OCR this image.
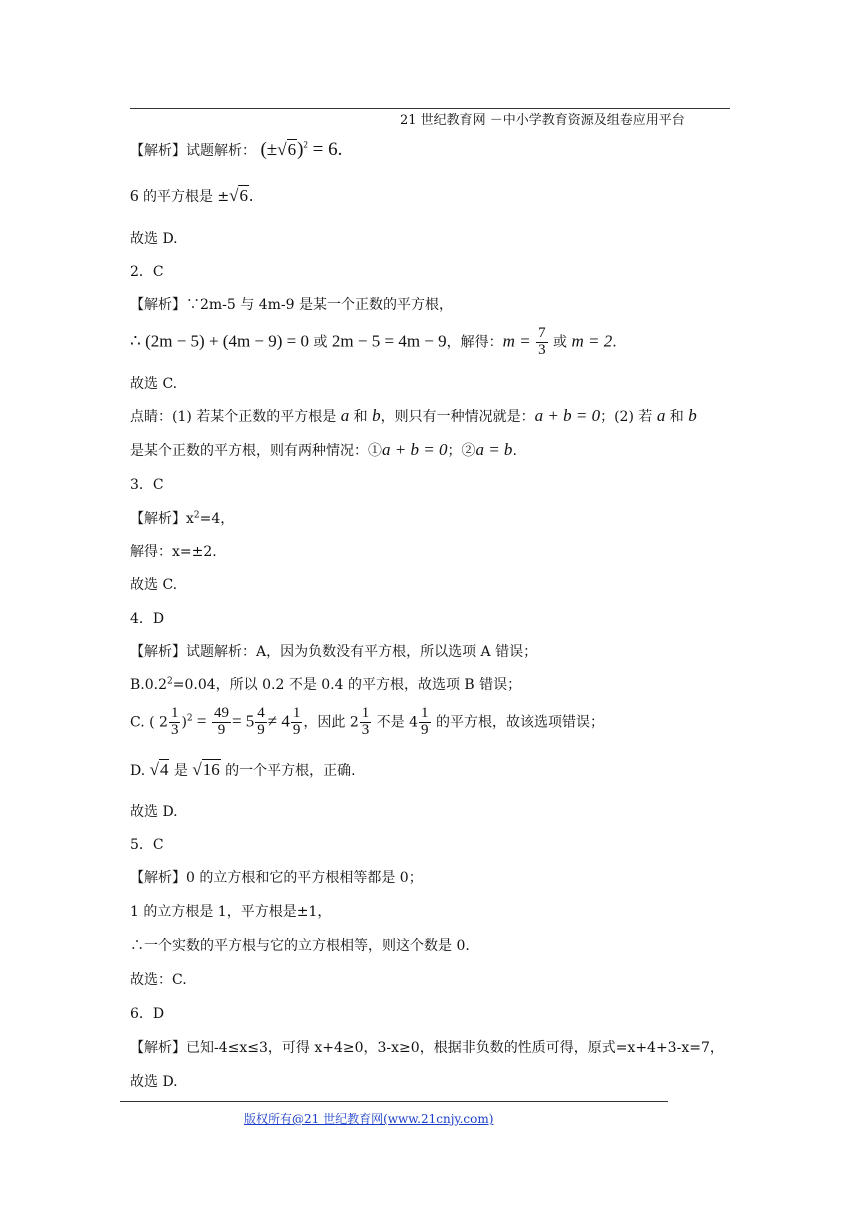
21 世纪教育网 －中小学教育资源及组卷应用平台
【解析】试题解析： $(\pm√6)^2 = 6$.
6 的平方根是 ±√6.
故选 D.
2．C
【解析】∵2m-5 与 4m-9 是某一个正数的平方根，
∴ (2m − 5) + (4m − 9) = 0 或 2m − 5 = 4m − 9，解得：$m = \frac{7}{3}$ 或 m = 2.
故选 C.
点睛：(1) 若某个正数的平方根是 a 和 b，则只有一种情况就是：a + b = 0；(2) 若 a 和 b
是某个正数的平方根，则有两种情况：①a + b = 0；②a = b.
3．C
【解析】$x^2=4$，
解得：x=±2.
故选 C.
4．D
【解析】试题解析：A，因为负数没有平方根，所以选项 A 错误；
$B.0.2^2=0.04$，所以 0.2 不是 0.4 的平方根，故选项 B 错误；
C. ( $2 \frac{1}{3} )^2 = \frac{49}{9} = 5 \frac{4}{9} \ne 4 \frac{1}{9}$ ，因此 $2 \frac{1}{3}$ 不是 $4 \frac{1}{9}$ 的平方根，故该选项错误；
D. √4 是 √16 的一个平方根，正确.
故选 D.
5．C
【解析】0 的立方根和它的平方根相等都是 0；
1 的立方根是 1，平方根是±1，
∴一个实数的平方根与它的立方根相等，则这个数是 0.
故选：C.
6．D
【解析】已知-4≤x≤3，可得 x+4≥0，3-x≥0，根据非负数的性质可得，原式=x+4+3-x=7，
故选 D.
版权所有@21 世纪教育网(www.21cnjy.com)
